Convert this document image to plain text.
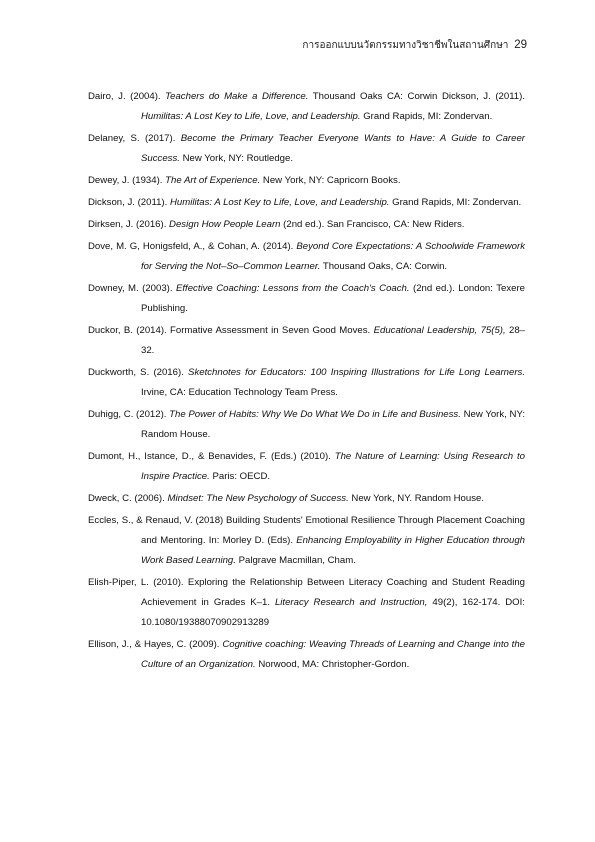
การออกแบบนวัตกรรมทางวิชาชีพในสถานศึกษา 29
Dairo, J. (2004). Teachers do Make a Difference. Thousand Oaks CA: Corwin Dickson, J. (2011). Humilitas: A Lost Key to Life, Love, and Leadership. Grand Rapids, MI: Zondervan.
Delaney, S. (2017). Become the Primary Teacher Everyone Wants to Have: A Guide to Career Success. New York, NY: Routledge.
Dewey, J. (1934). The Art of Experience. New York, NY: Capricorn Books.
Dickson, J. (2011). Humilitas: A Lost Key to Life, Love, and Leadership. Grand Rapids, MI: Zondervan.
Dirksen, J. (2016). Design How People Learn (2nd ed.). San Francisco, CA: New Riders.
Dove, M. G, Honigsfeld, A., & Cohan, A. (2014). Beyond Core Expectations: A Schoolwide Framework for Serving the Not–So–Common Learner. Thousand Oaks, CA: Corwin.
Downey, M. (2003). Effective Coaching: Lessons from the Coach's Coach. (2nd ed.). London: Texere Publishing.
Duckor, B. (2014). Formative Assessment in Seven Good Moves. Educational Leadership, 75(5), 28–32.
Duckworth, S. (2016). Sketchnotes for Educators: 100 Inspiring Illustrations for Life Long Learners. Irvine, CA: Education Technology Team Press.
Duhigg, C. (2012). The Power of Habits: Why We Do What We Do in Life and Business. New York, NY: Random House.
Dumont, H., Istance, D., & Benavides, F. (Eds.) (2010). The Nature of Learning: Using Research to Inspire Practice. Paris: OECD.
Dweck, C. (2006). Mindset: The New Psychology of Success. New York, NY. Random House.
Eccles, S., & Renaud, V. (2018) Building Students' Emotional Resilience Through Placement Coaching and Mentoring. In: Morley D. (Eds). Enhancing Employability in Higher Education through Work Based Learning. Palgrave Macmillan, Cham.
Elish-Piper, L. (2010). Exploring the Relationship Between Literacy Coaching and Student Reading Achievement in Grades K–1. Literacy Research and Instruction, 49(2), 162-174. DOI: 10.1080/19388070902913289
Ellison, J., & Hayes, C. (2009). Cognitive coaching: Weaving Threads of Learning and Change into the Culture of an Organization. Norwood, MA: Christopher-Gordon.
